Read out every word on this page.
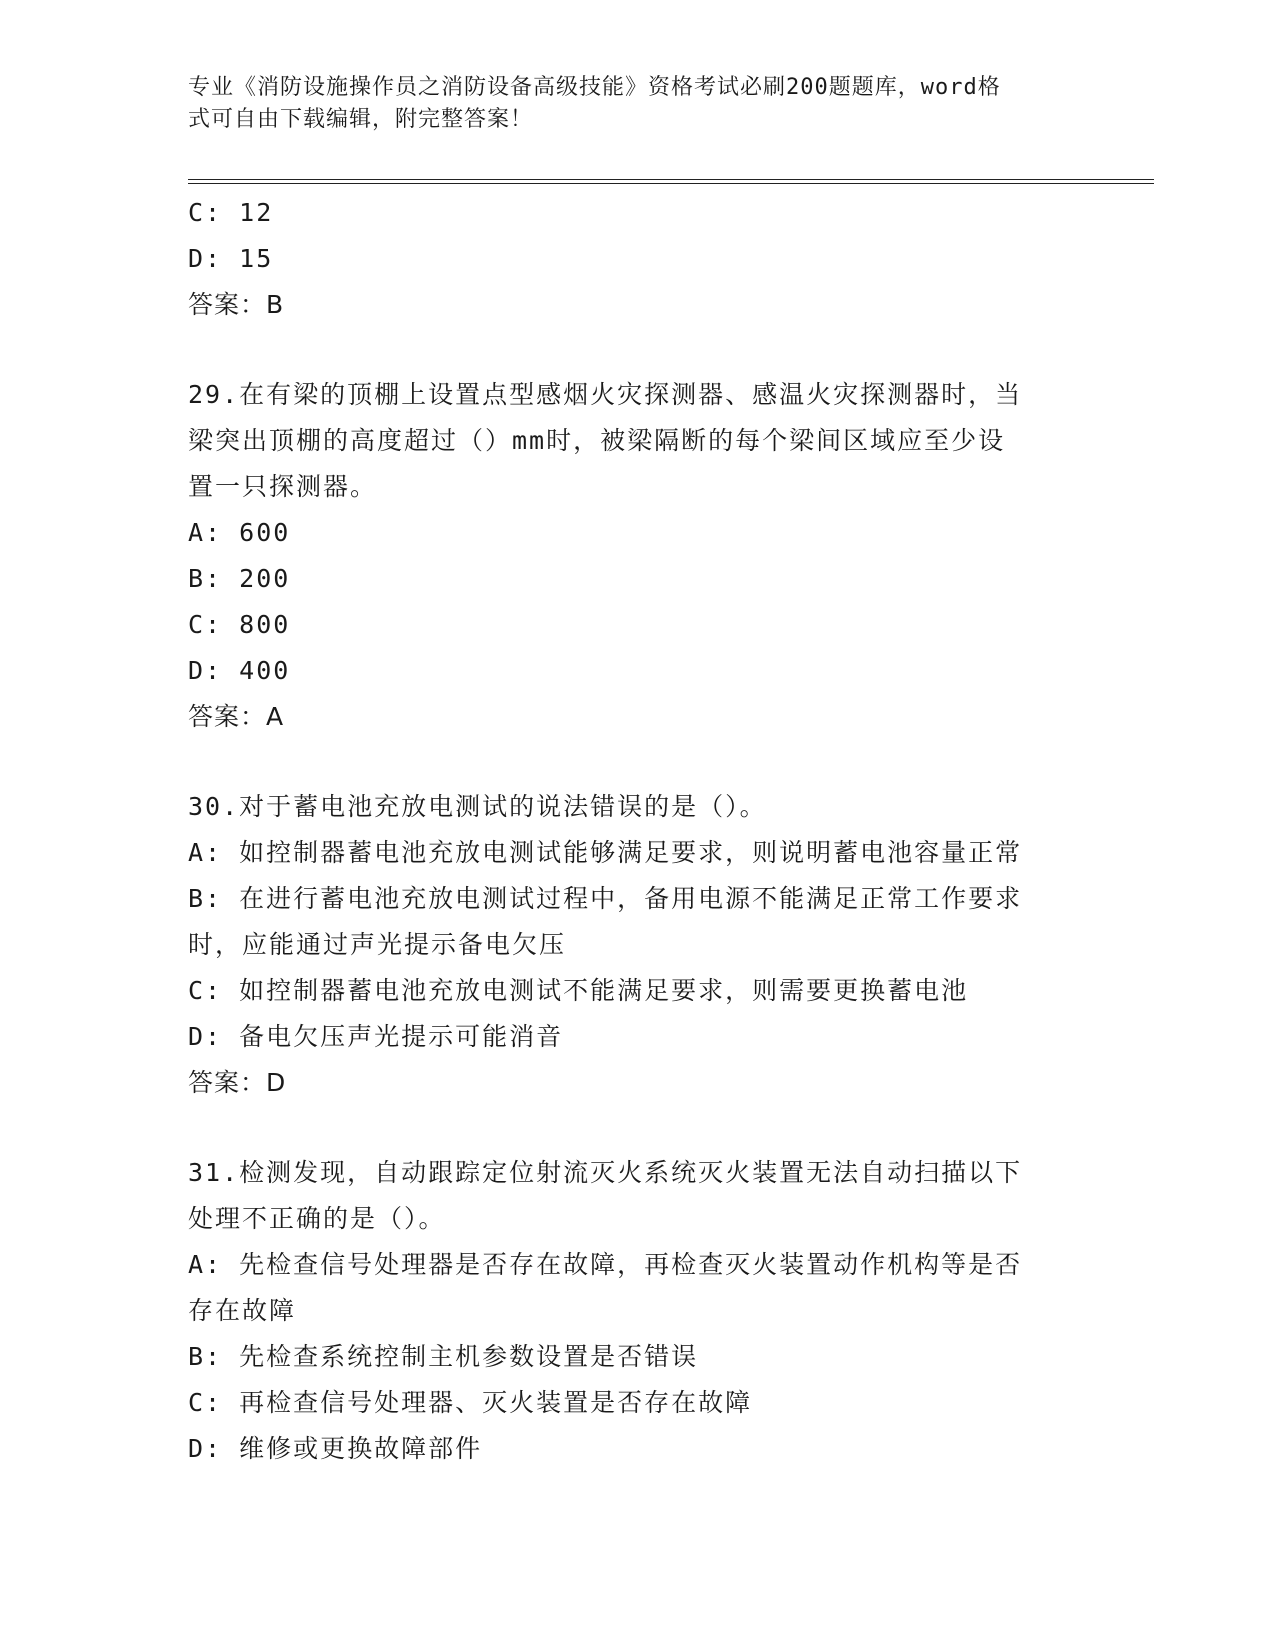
专业《消防设施操作员之消防设备高级技能》资格考试必刷200题题库，word格
式可自由下载编辑，附完整答案！
C: 12
D: 15
答案：B
29.在有梁的顶棚上设置点型感烟火灾探测器、感温火灾探测器时，当
梁突出顶棚的高度超过（）mm时，被梁隔断的每个梁间区域应至少设
置一只探测器。
A: 600
B: 200
C: 800
D: 400
答案：A
30.对于蓄电池充放电测试的说法错误的是（）。
A: 如控制器蓄电池充放电测试能够满足要求，则说明蓄电池容量正常
B: 在进行蓄电池充放电测试过程中，备用电源不能满足正常工作要求
时，应能通过声光提示备电欠压
C: 如控制器蓄电池充放电测试不能满足要求，则需要更换蓄电池
D: 备电欠压声光提示可能消音
答案：D
31.检测发现，自动跟踪定位射流灭火系统灭火装置无法自动扫描以下
处理不正确的是（）。
A: 先检查信号处理器是否存在故障，再检查灭火装置动作机构等是否
存在故障
B: 先检查系统控制主机参数设置是否错误
C: 再检查信号处理器、灭火装置是否存在故障
D: 维修或更换故障部件
